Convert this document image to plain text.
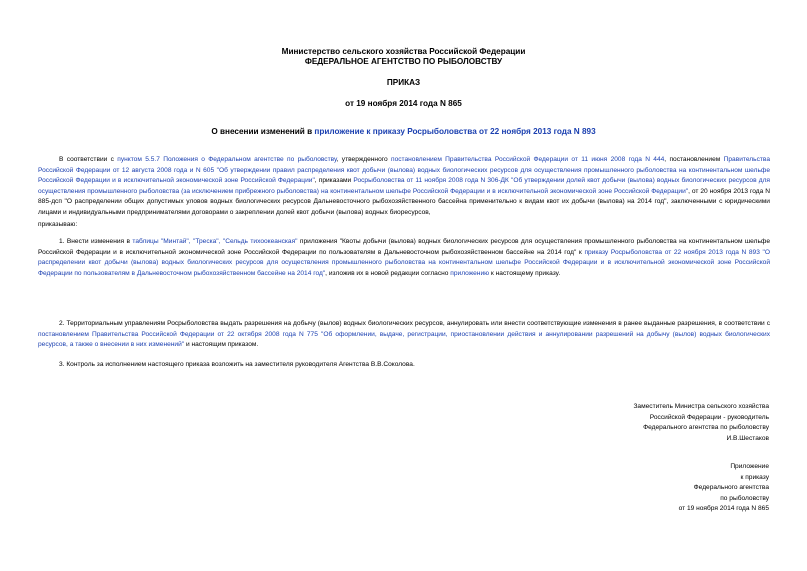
Министерство сельского хозяйства Российской Федерации
ФЕДЕРАЛЬНОЕ АГЕНТСТВО ПО РЫБОЛОВСТВУ
ПРИКАЗ
от 19 ноября 2014 года N 865
О внесении изменений в приложение к приказу Росрыболовства от 22 ноября 2013 года N 893
В соответствии с пунктом 5.5.7 Положения о Федеральном агентстве по рыболовству, утвержденного постановлением Правительства Российской Федерации от 11 июня 2008 года N 444, постановлением Правительства Российской Федерации от 12 августа 2008 года и N 605 "Об утверждении правил распределения квот добычи (вылова) водных биологических ресурсов для осуществления промышленного рыболовства на континентальном шельфе Российской Федерации и в исключительной экономической зоне Российской Федерации", приказами Росрыболовства от 11 ноября 2008 года N 306-ДК "Об утверждении долей квот добычи (вылова) водных биологических ресурсов для осуществления промышленного рыболовства (за исключением прибрежного рыболовства) на континентальном шельфе Российской Федерации и в исключительной экономической зоне Российской Федерации", от 20 ноября 2013 года N 885-дсп "О распределении общих допустимых уловов водных биологических ресурсов Дальневосточного рыбохозяйственного бассейна применительно к видам квот их добычи (вылова) на 2014 год", заключенными с юридическими лицами и индивидуальными предпринимателями договорами о закреплении долей квот добычи (вылова) водных биоресурсов,
приказываю:
1. Внести изменения в таблицы "Минтай", "Треска", "Сельдь тихоокеанская" приложения "Квоты добычи (вылова) водных биологических ресурсов для осуществления промышленного рыболовства на континентальном шельфе Российской Федерации и в исключительной экономической зоне Российской Федерации по пользователям в Дальневосточном рыбохозяйственном бассейне на 2014 год" к приказу Росрыболовства от 22 ноября 2013 года N 893 "О распределении квот добычи (вылова) водных биологических ресурсов для осуществления промышленного рыболовства на континентальном шельфе Российской Федерации и в исключительной экономической зоне Российской Федерации по пользователям в Дальневосточном рыбохозяйственном бассейне на 2014 год", изложив их в новой редакции согласно приложению к настоящему приказу.
2. Территориальным управлениям Росрыболовства выдать разрешения на добычу (вылов) водных биологических ресурсов, аннулировать или внести соответствующие изменения в ранее выданные разрешения, в соответствии с постановлением Правительства Российской Федерации от 22 октября 2008 года N 775 "Об оформлении, выдаче, регистрации, приостановлении действия и аннулировании разрешений на добычу (вылов) водных биологических ресурсов, а также о внесении в них изменений" и настоящим приказом.
3. Контроль за исполнением настоящего приказа возложить на заместителя руководителя Агентства В.В.Соколова.
Заместитель Министра сельского хозяйства
Российской Федерации - руководитель
Федерального агентства по рыболовству
И.В.Шестаков
Приложение
к приказу
Федерального агентства
по рыболовству
от 19 ноября 2014 года N 865
